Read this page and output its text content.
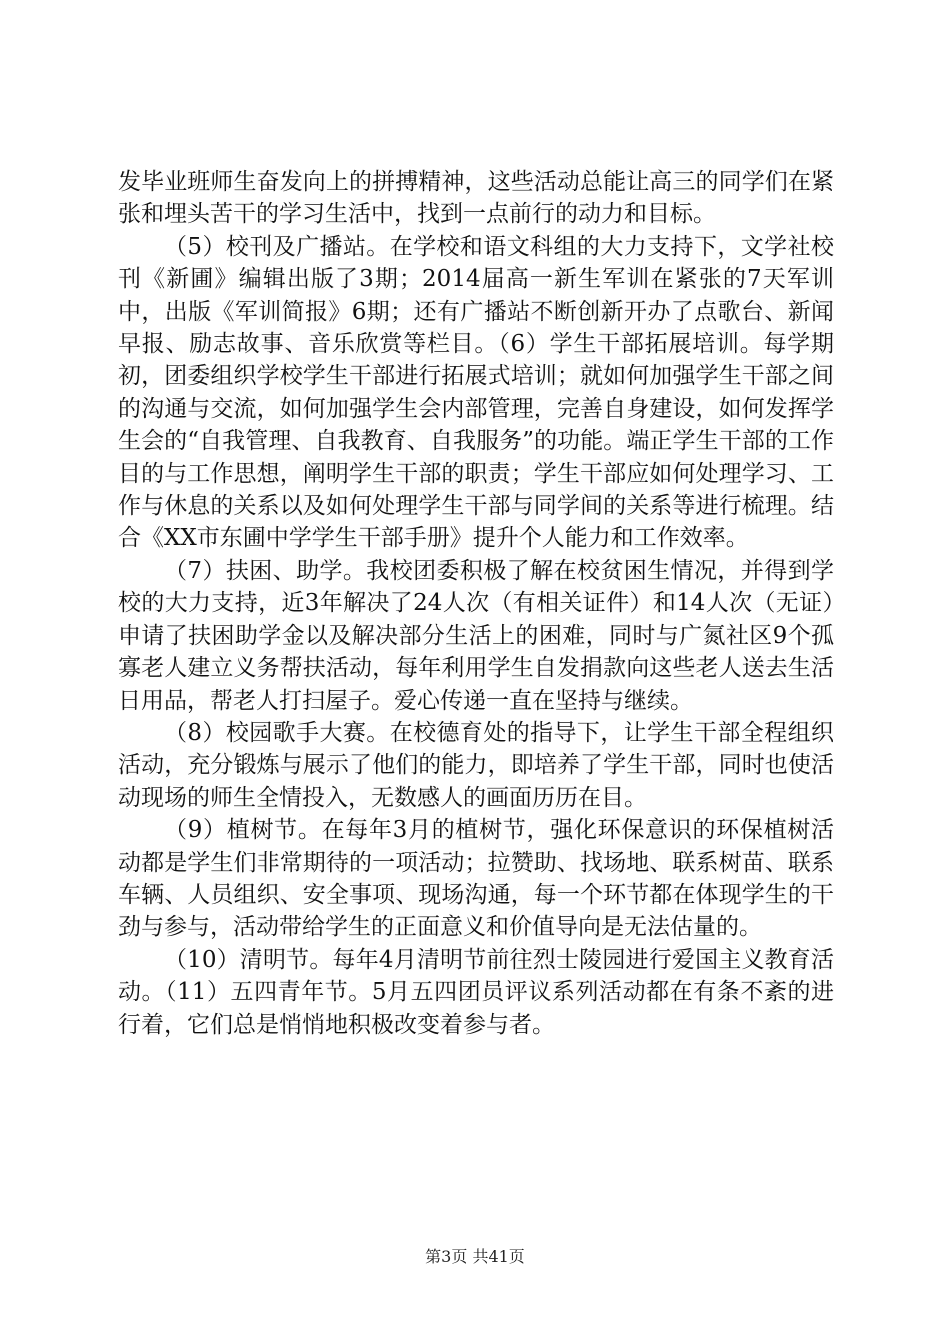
发毕业班师生奋发向上的拼搏精神，这些活动总能让高三的同学们在紧张和埋头苦干的学习生活中，找到一点前行的动力和目标。

（5）校刊及广播站。在学校和语文科组的大力支持下，文学社校刊《新圃》编辑出版了3期；2014届高一新生军训在紧张的7天军训中，出版《军训简报》6期；还有广播站不断创新开办了点歌台、新闻早报、励志故事、音乐欣赏等栏目。（6）学生干部拓展培训。每学期初，团委组织学校学生干部进行拓展式培训；就如何加强学生干部之间的沟通与交流，如何加强学生会内部管理，完善自身建设，如何发挥学生会的“自我管理、自我教育、自我服务”的功能。端正学生干部的工作目的与工作思想，阐明学生干部的职责；学生干部应如何处理学习、工作与休息的关系以及如何处理学生干部与同学间的关系等进行梳理。结合《XX市东圃中学学生干部手册》提升个人能力和工作效率。

（7）扶困、助学。我校团委积极了解在校贫困生情况，并得到学校的大力支持，近3年解决了24人次（有相关证件）和14人次（无证）申请了扶困助学金以及解决部分生活上的困难，同时与广氮社区9个孤寡老人建立义务帮扶活动，每年利用学生自发捐款向这些老人送去生活日用品，帮老人打扫屋子。爱心传递一直在坚持与继续。

（8）校园歌手大赛。在校德育处的指导下，让学生干部全程组织活动，充分锻炼与展示了他们的能力，即培养了学生干部，同时也使活动现场的师生全情投入，无数感人的画面历历在目。

（9）植树节。在每年3月的植树节，强化环保意识的环保植树活动都是学生们非常期待的一项活动；拉赞助、找场地、联系树苗、联系车辆、人员组织、安全事项、现场沟通，每一个环节都在体现学生的干劲与参与，活动带给学生的正面意义和价值导向是无法估量的。

（10）清明节。每年4月清明节前往烈士陵园进行爱国主义教育活动。（11）五四青年节。5月五四团员评议系列活动都在有条不紊的进行着，它们总是悄悄地积极改变着参与者。

第3页 共41页
